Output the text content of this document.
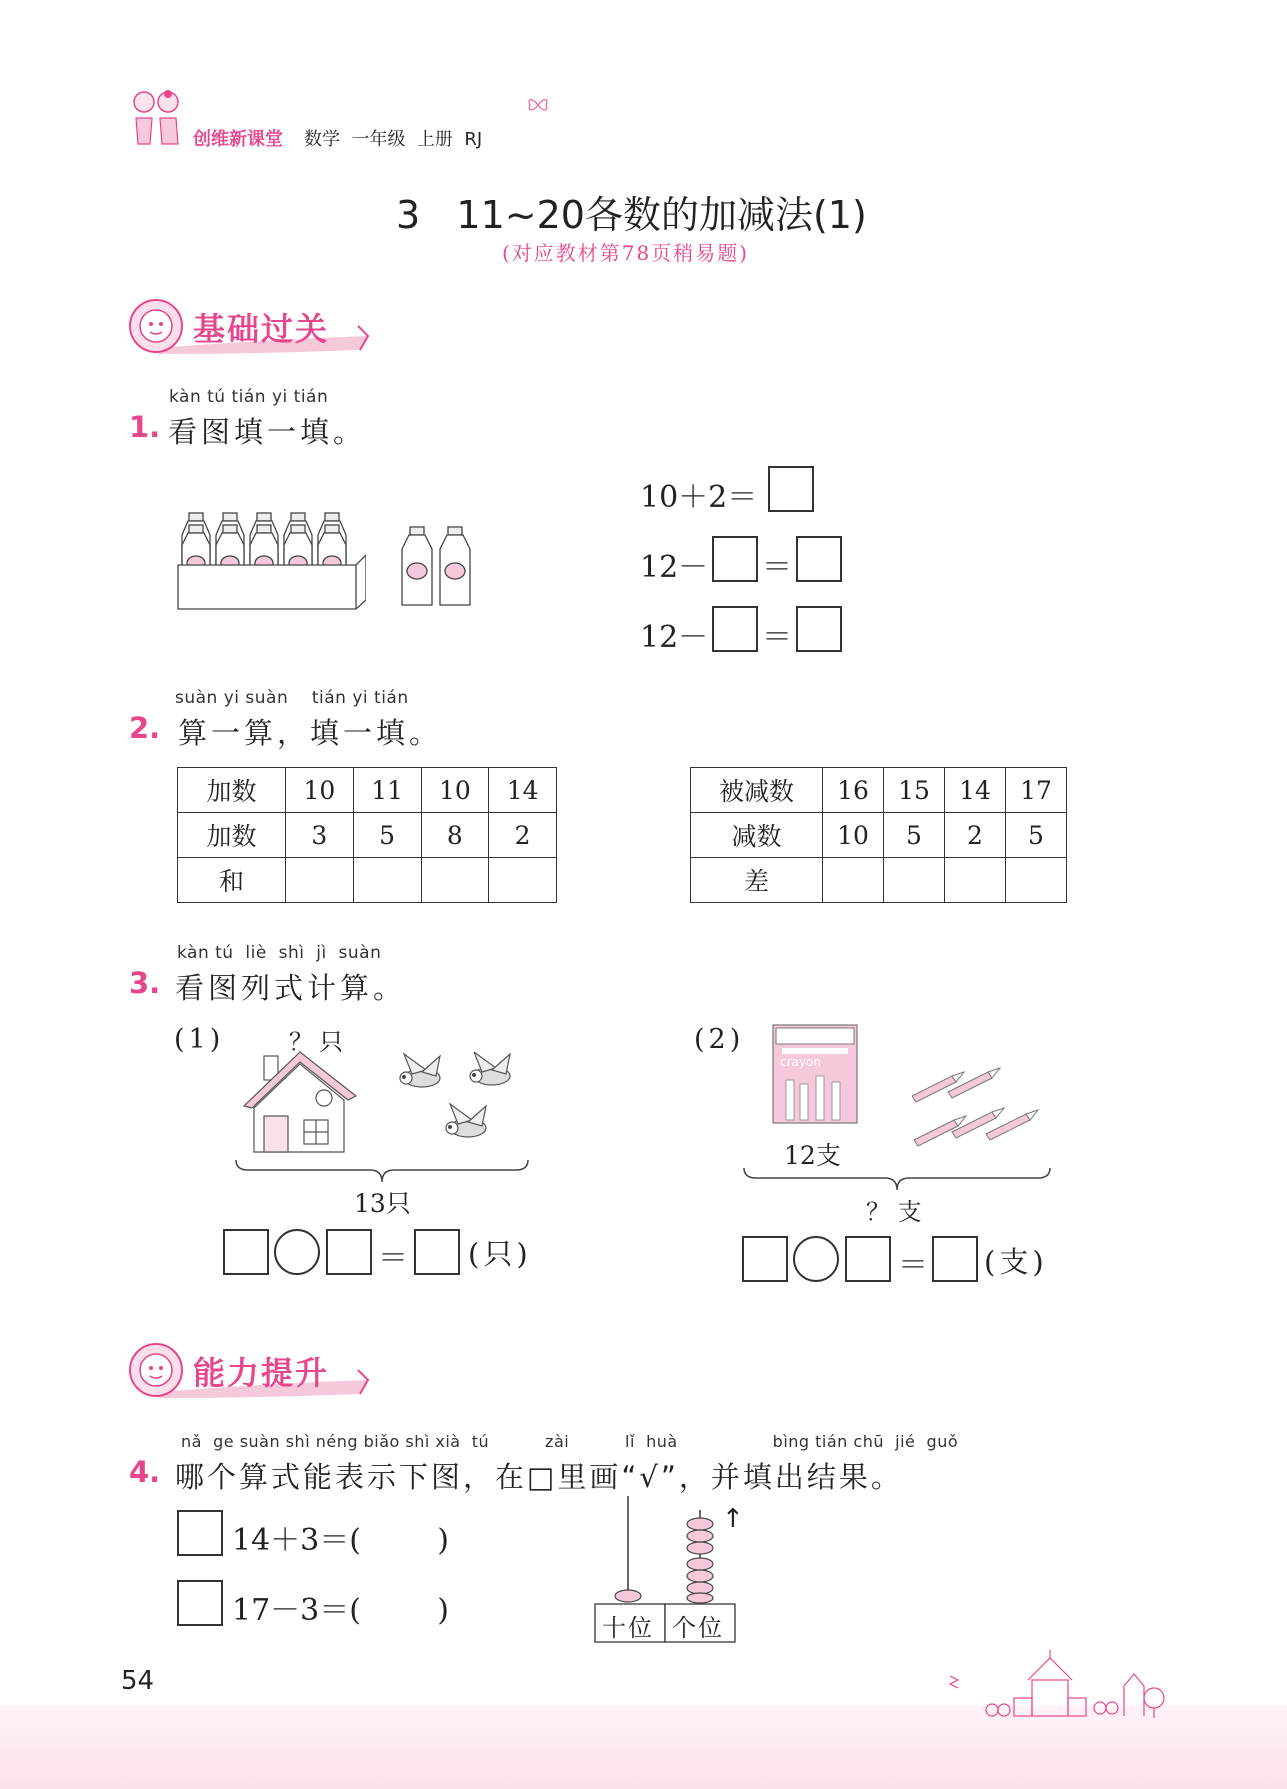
创维新课堂 数学  一年级  上册  RJ
3   11~20各数的加减法(1)
(对应教材第78页稍易题)
基础过关
kàn tú tián yi tián
1. 看图填一填。
10＋2＝
12－ ＝
12－ ＝
suàn yi suàn    tián yi tián
2. 算一算，填一填。
加数	10	11	10	14
加数	3	5	8	2
和				
被减数	16	15	14	17
减数	10	5	2	5
差				
kàn tú  liè  shì  jì  suàn
3. 看图列式计算。
(1)	？只
13只
＝ (只)
(2)
crayon
12支
？ 支
＝ (支)
能力提升
nǎ  ge suàn shì néng biǎo shì xià  tú          zài          lǐ  huà                 bìng tián chū  jié  guǒ
4. 哪个算式能表示下图，在□里画“√”，并填出结果。
14＋3＝(        )
17－3＝(        )
↑
十位 个位
54
